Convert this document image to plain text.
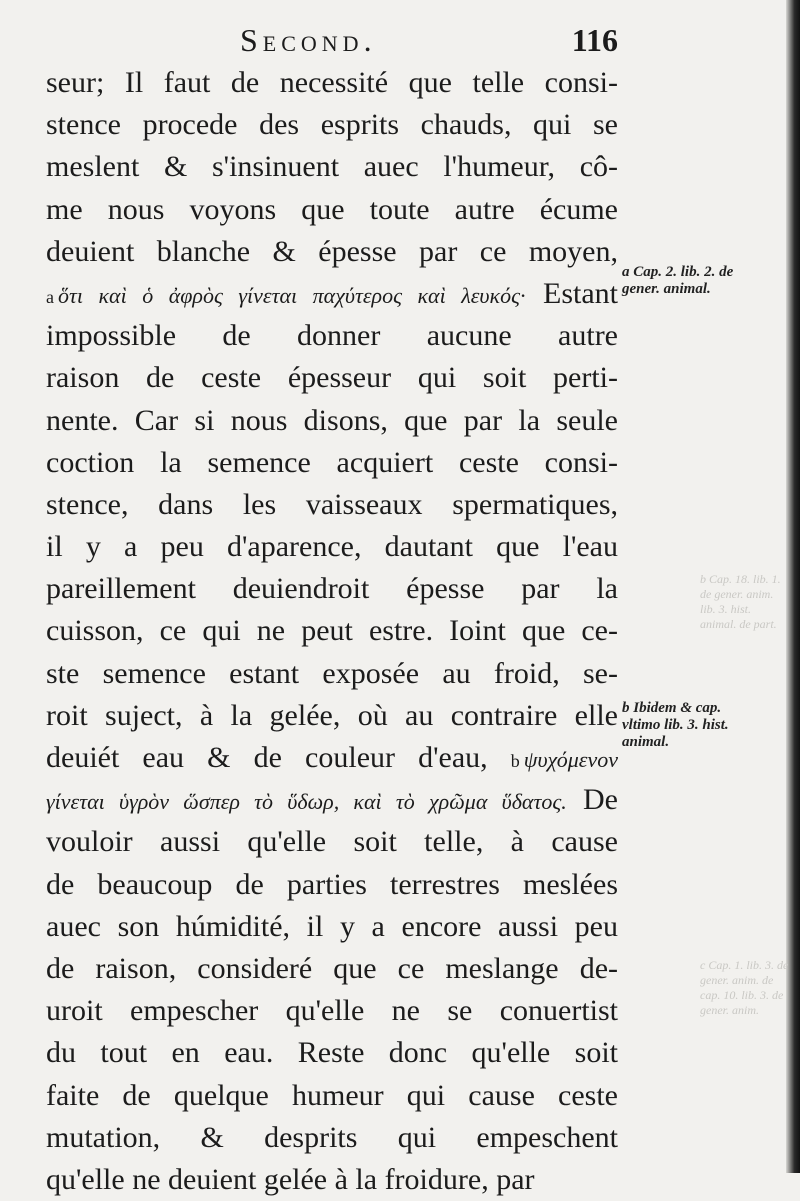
Second.	116
seur; Il faut de necessité que telle consi-
stence procede des esprits chauds, qui se
meslent & s'insinuent auec l'humeur, cô-
me nous voyons que toute autre écume
deuient blanche & épesse par ce moyen,
a ὅτι καὶ ὁ ἀφρὸς γίνεται παχύτερος καὶ λευκός· Estant
impossible de donner aucune autre
raison de ceste épesseur qui soit perti-
nente. Car si nous disons, que par la seule
coction la semence acquiert ceste consi-
stence, dans les vaisseaux spermatiques,
il y a peu d'aparence, dautant que l'eau
pareillement deuiendroit épesse par la
cuisson, ce qui ne peut estre. Ioint que ce-
ste semence estant exposée au froid, se-
roit suject, à la gelée, où au contraire elle
deuiét eau & de couleur d'eau, b ψυχόμενον
γίνεται ὑγρὸν ὥσπερ τὸ ὕδωρ, καὶ τὸ χρῶμα ὕδατος. De
vouloir aussi qu'elle soit telle, à cause
de beaucoup de parties terrestres meslées
auec son húmidité, il y a encore aussi peu
de raison, consideré que ce meslange de-
uroit empescher qu'elle ne se conuertist
du tout en eau. Reste donc qu'elle soit
faite de quelque humeur qui cause ceste
mutation, & desprits qui empeschent
qu'elle ne deuient gelée à la froidure, par
a Cap. 2. lib. 2. de gener. animal.
b Ibidem & cap. vltimo lib. 3. hist. animal.
b Cap. 18. lib. 1. de gener. anim. lib. 3. hist. animal. de part.
c Cap. 1. lib. 3. de gener. anim. de cap. 10. lib. 3. de gener. anim.
